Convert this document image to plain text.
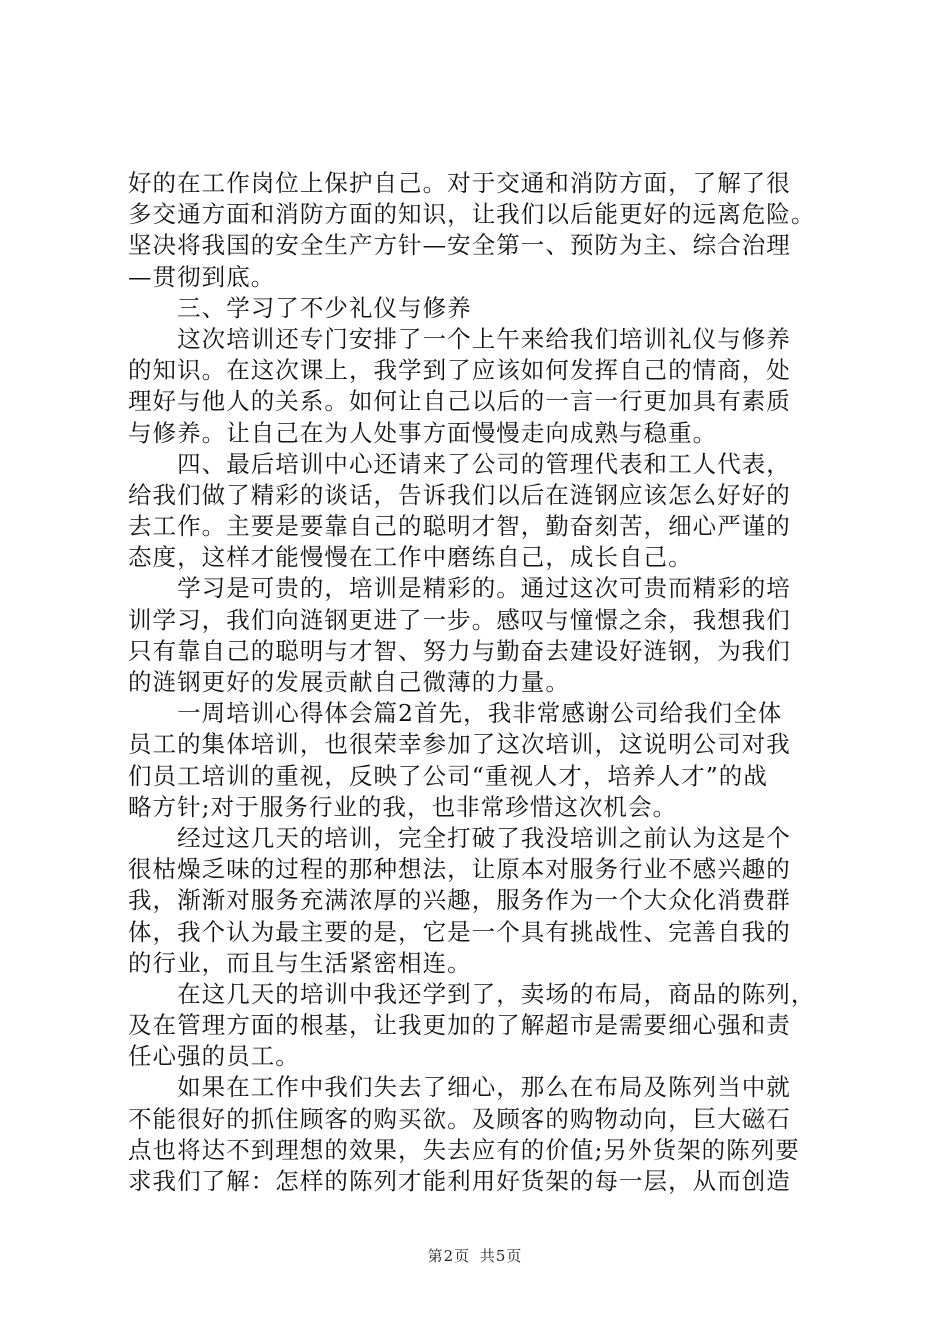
好的在工作岗位上保护自己。对于交通和消防方面，了解了很
多交通方面和消防方面的知识，让我们以后能更好的远离危险。
坚决将我国的安全生产方针—安全第一、预防为主、综合治理
—贯彻到底。
　　三、学习了不少礼仪与修养
　　这次培训还专门安排了一个上午来给我们培训礼仪与修养
的知识。在这次课上，我学到了应该如何发挥自己的情商，处
理好与他人的关系。如何让自己以后的一言一行更加具有素质
与修养。让自己在为人处事方面慢慢走向成熟与稳重。
　　四、最后培训中心还请来了公司的管理代表和工人代表，
给我们做了精彩的谈话，告诉我们以后在涟钢应该怎么好好的
去工作。主要是要靠自己的聪明才智，勤奋刻苦，细心严谨的
态度，这样才能慢慢在工作中磨练自己，成长自己。
　　学习是可贵的，培训是精彩的。通过这次可贵而精彩的培
训学习，我们向涟钢更进了一步。感叹与憧憬之余，我想我们
只有靠自己的聪明与才智、努力与勤奋去建设好涟钢，为我们
的涟钢更好的发展贡献自己微薄的力量。
　　一周培训心得体会篇2首先，我非常感谢公司给我们全体
员工的集体培训，也很荣幸参加了这次培训，这说明公司对我
们员工培训的重视，反映了公司“重视人才，培养人才”的战
略方针;对于服务行业的我，也非常珍惜这次机会。
　　经过这几天的培训，完全打破了我没培训之前认为这是个
很枯燥乏味的过程的那种想法，让原本对服务行业不感兴趣的
我，渐渐对服务充满浓厚的兴趣，服务作为一个大众化消费群
体，我个认为最主要的是，它是一个具有挑战性、完善自我的
的行业，而且与生活紧密相连。
　　在这几天的培训中我还学到了，卖场的布局，商品的陈列，
及在管理方面的根基，让我更加的了解超市是需要细心强和责
任心强的员工。
　　如果在工作中我们失去了细心，那么在布局及陈列当中就
不能很好的抓住顾客的购买欲。及顾客的购物动向，巨大磁石
点也将达不到理想的效果，失去应有的价值;另外货架的陈列要
求我们了解：怎样的陈列才能利用好货架的每一层，从而创造
第2页 共5页
